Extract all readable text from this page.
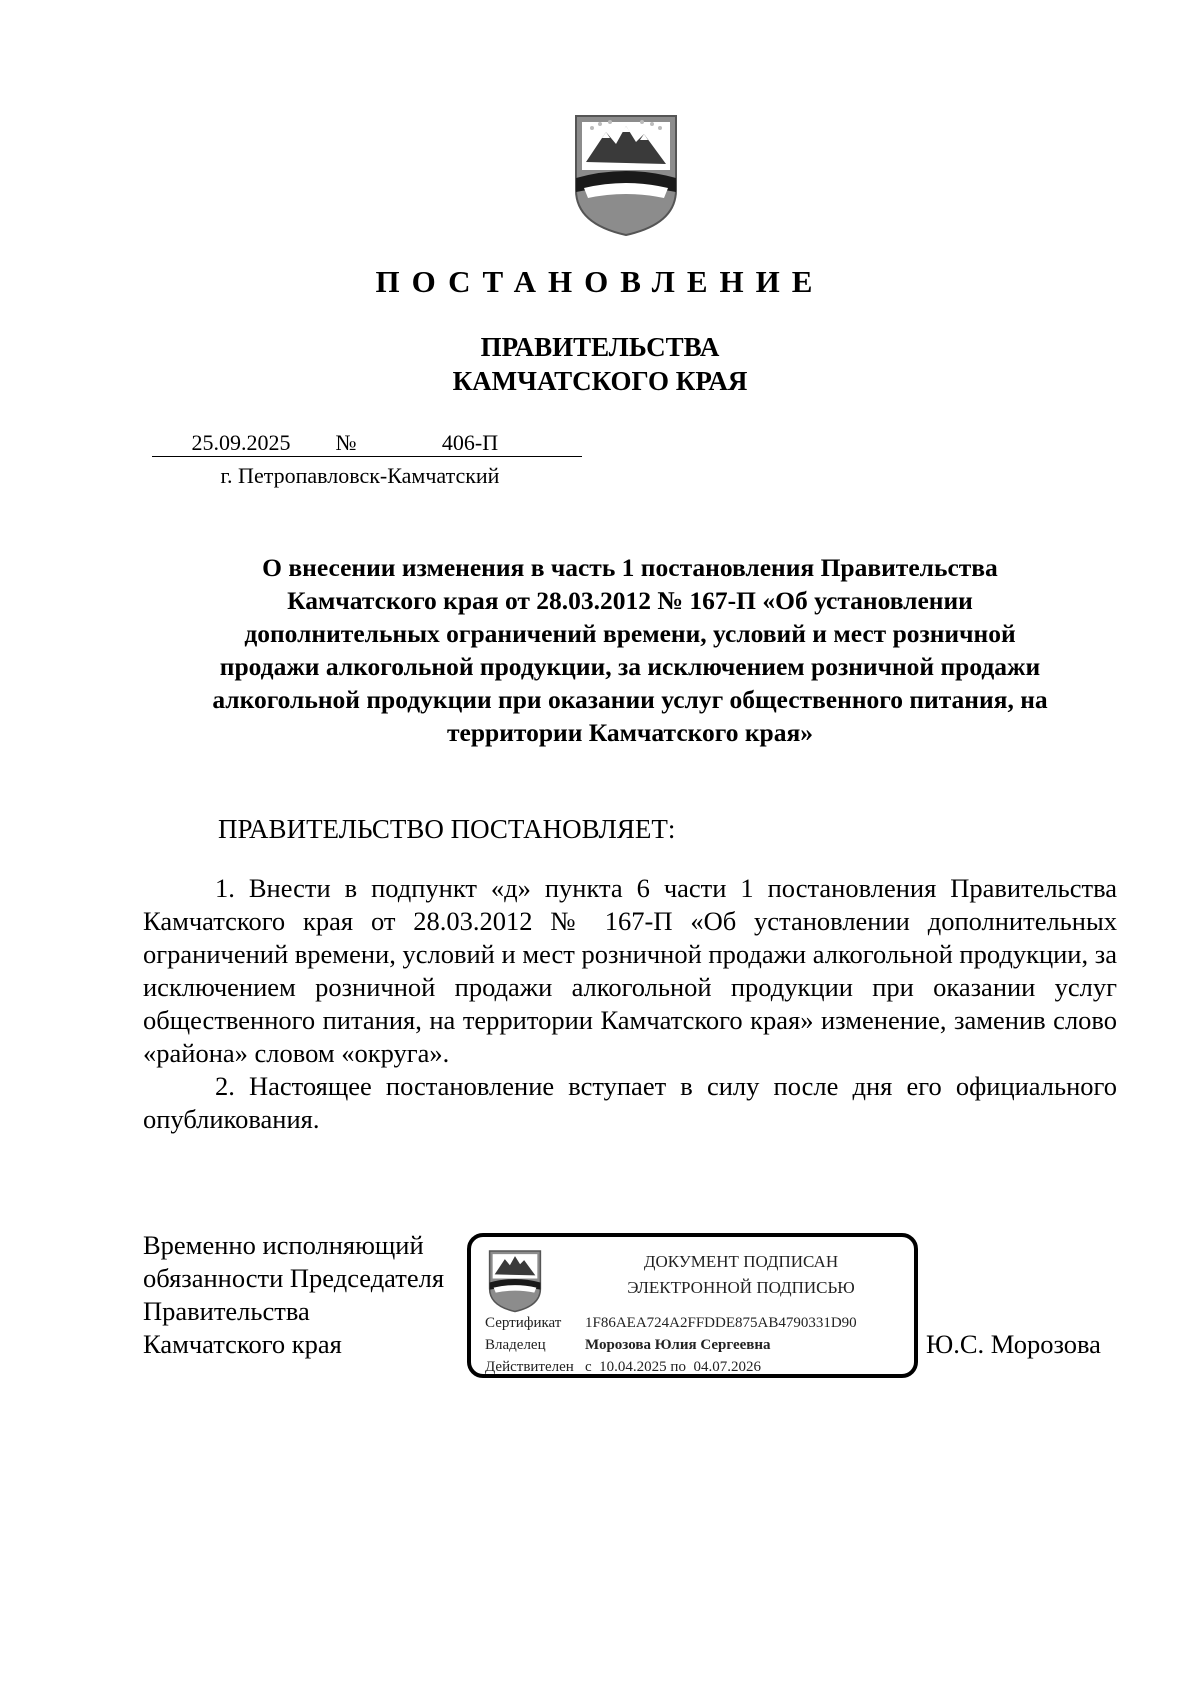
ПОСТАНОВЛЕНИЕ
ПРАВИТЕЛЬСТВА
КАМЧАТСКОГО КРАЯ
25.09.2025	№	406-П
г. Петропавловск-Камчатский
О внесении изменения в часть 1 постановления Правительства
Камчатского края от 28.03.2012 № 167-П «Об установлении
дополнительных ограничений времени, условий и мест розничной
продажи алкогольной продукции, за исключением розничной продажи
алкогольной продукции при оказании услуг общественного питания, на
территории Камчатского края»
ПРАВИТЕЛЬСТВО ПОСТАНОВЛЯЕТ:

1. Внести в подпункт «д» пункта 6 части 1 постановления Правительства Камчатского края от 28.03.2012 № 167-П «Об установлении дополнительных ограничений времени, условий и мест розничной продажи алкогольной продукции, за исключением розничной продажи алкогольной продукции при оказании услуг общественного питания, на территории Камчатского края» изменение, заменив слово «района» словом «округа».

2. Настоящее постановление вступает в силу после дня его официального опубликования.

Временно исполняющий
обязанности Председателя
Правительства
Камчатского края
ДОКУМЕНТ ПОДПИСАН
ЭЛЕКТРОННОЙ ПОДПИСЬЮ
Сертификат 1F86AEA724A2FFDDE875AB4790331D90
Владелец	Морозова Юлия Сергеевна
Действителен с 10.04.2025 по 04.07.2026
Ю.С. Морозова
